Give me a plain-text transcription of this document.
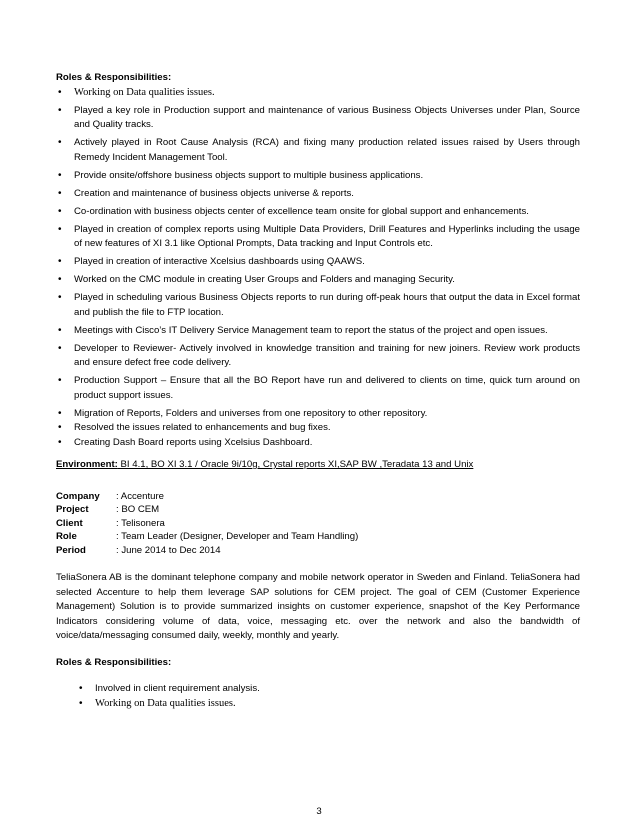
Roles & Responsibilities:

• Working on Data qualities issues.
• Played a key role in Production support and maintenance of various Business Objects Universes under Plan, Source and Quality tracks.
• Actively played in Root Cause Analysis (RCA) and fixing many production related issues raised by Users through Remedy Incident Management Tool.
• Provide onsite/offshore business objects support to multiple business applications.
• Creation and maintenance of business objects universe & reports.
• Co-ordination with business objects center of excellence team onsite for global support and enhancements.
• Played in creation of complex reports using Multiple Data Providers, Drill Features and Hyperlinks including the usage of new features of XI 3.1 like Optional Prompts, Data tracking and Input Controls etc.
• Played in creation of interactive Xcelsius dashboards using QAAWS.
• Worked on the CMC module in creating User Groups and Folders and managing Security.
• Played in scheduling various Business Objects reports to run during off-peak hours that output the data in Excel format and publish the file to FTP location.
• Meetings with Cisco’s IT Delivery Service Management team to report the status of the project and open issues.
• Developer to Reviewer- Actively involved in knowledge transition and training for new joiners. Review work products and ensure defect free code delivery.
• Production Support – Ensure that all the BO Report have run and delivered to clients on time, quick turn around on product support issues.
• Migration of Reports, Folders and universes from one repository to other repository.
• Resolved the issues related to enhancements and bug fixes.
• Creating Dash Board reports using Xcelsius Dashboard.
Environment: BI 4.1, BO XI 3.1 / Oracle 9i/10g, Crystal reports XI,SAP BW ,Teradata 13 and Unix
Company	: Accenture
Project	: BO CEM
Client	: Telisonera
Role	: Team Leader (Designer, Developer and Team Handling)
Period	: June 2014 to Dec 2014

TeliaSonera AB is the dominant telephone company and mobile network operator in Sweden and Finland. TeliaSonera had selected Accenture to help them leverage SAP solutions for CEM project. The goal of CEM (Customer Experience Management) Solution is to provide summarized insights on customer experience, snapshot of the Key Performance Indicators considering volume of data, voice, messaging etc. over the network and also the bandwidth of voice/data/messaging consumed daily, weekly, monthly and yearly.

Roles & Responsibilities:

• Involved in client requirement analysis.
• Working on Data qualities issues.
3
